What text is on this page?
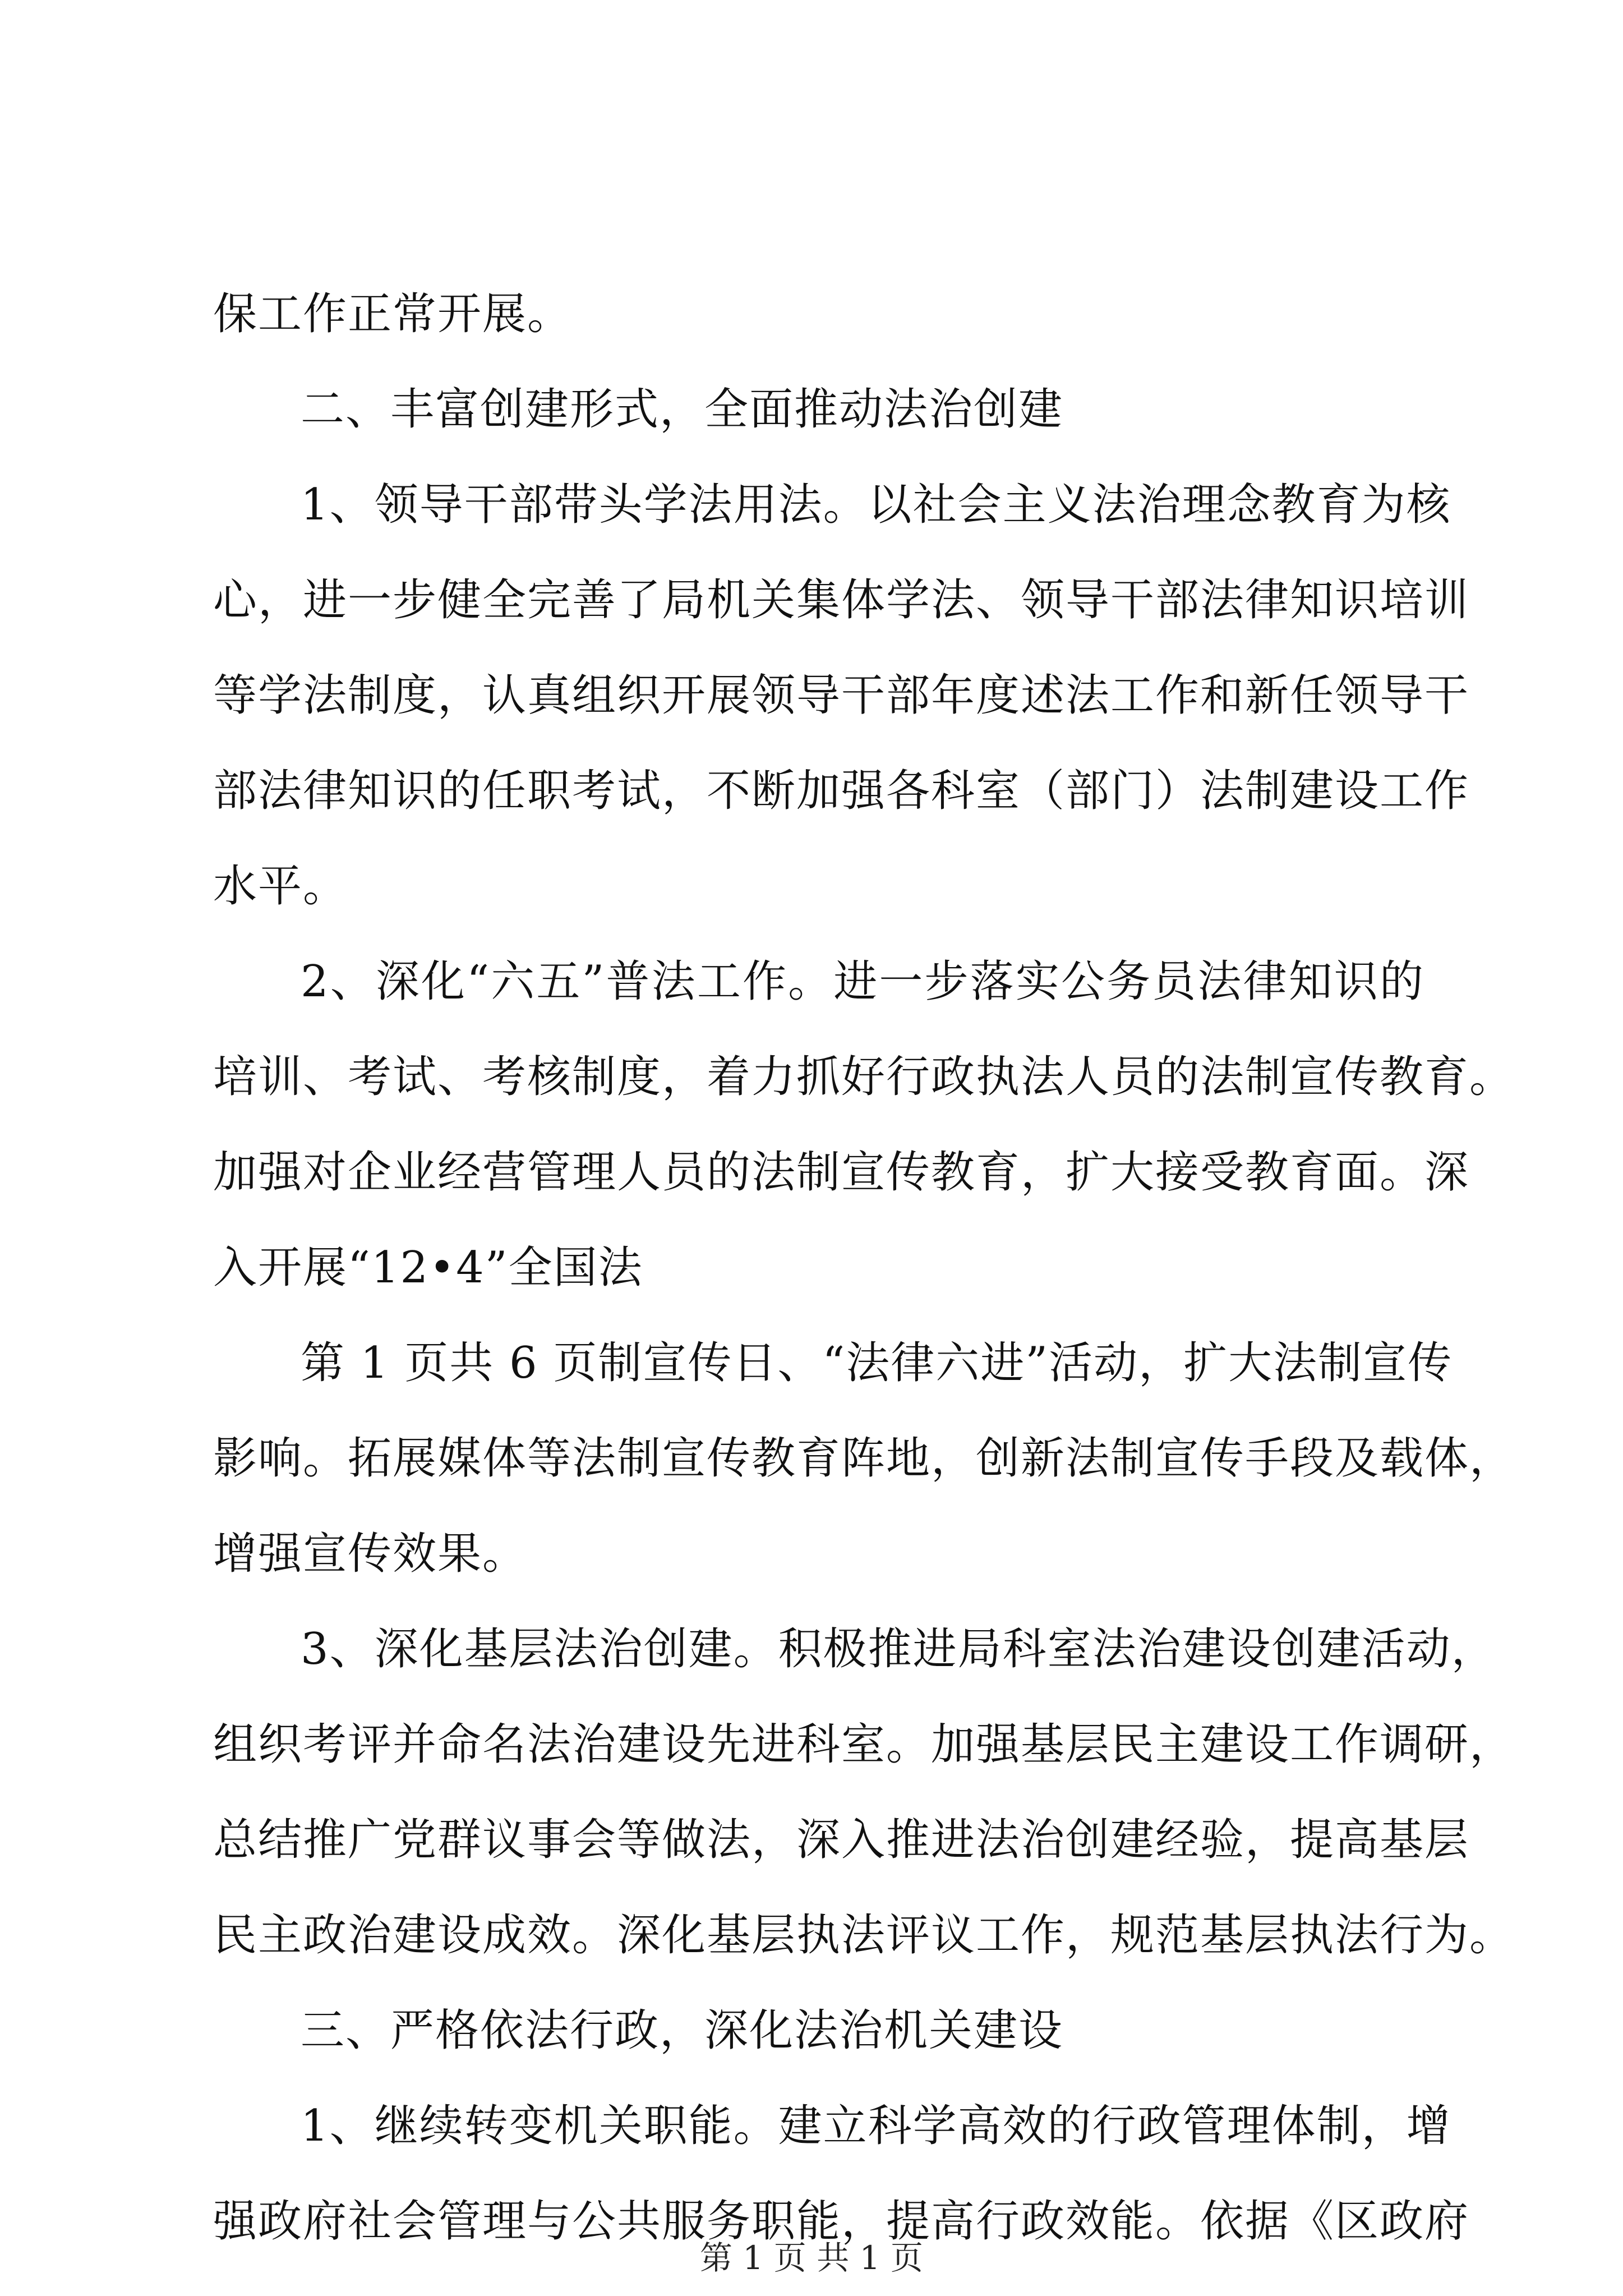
保工作正常开展。
二、丰富创建形式，全面推动法治创建
1、领导干部带头学法用法。以社会主义法治理念教育为核
心，进一步健全完善了局机关集体学法、领导干部法律知识培训
等学法制度，认真组织开展领导干部年度述法工作和新任领导干
部法律知识的任职考试，不断加强各科室（部门）法制建设工作
水平。
2、深化“六五”普法工作。进一步落实公务员法律知识的
培训、考试、考核制度，着力抓好行政执法人员的法制宣传教育。
加强对企业经营管理人员的法制宣传教育，扩大接受教育面。深
入开展“12•4”全国法
第 1 页共 6 页制宣传日、“法律六进”活动，扩大法制宣传
影响。拓展媒体等法制宣传教育阵地，创新法制宣传手段及载体，
增强宣传效果。
3、深化基层法治创建。积极推进局科室法治建设创建活动，
组织考评并命名法治建设先进科室。加强基层民主建设工作调研，
总结推广党群议事会等做法，深入推进法治创建经验，提高基层
民主政治建设成效。深化基层执法评议工作，规范基层执法行为。
三、严格依法行政，深化法治机关建设
1、继续转变机关职能。建立科学高效的行政管理体制，增
强政府社会管理与公共服务职能，提高行政效能。依据《区政府
第 1 页 共 1 页
